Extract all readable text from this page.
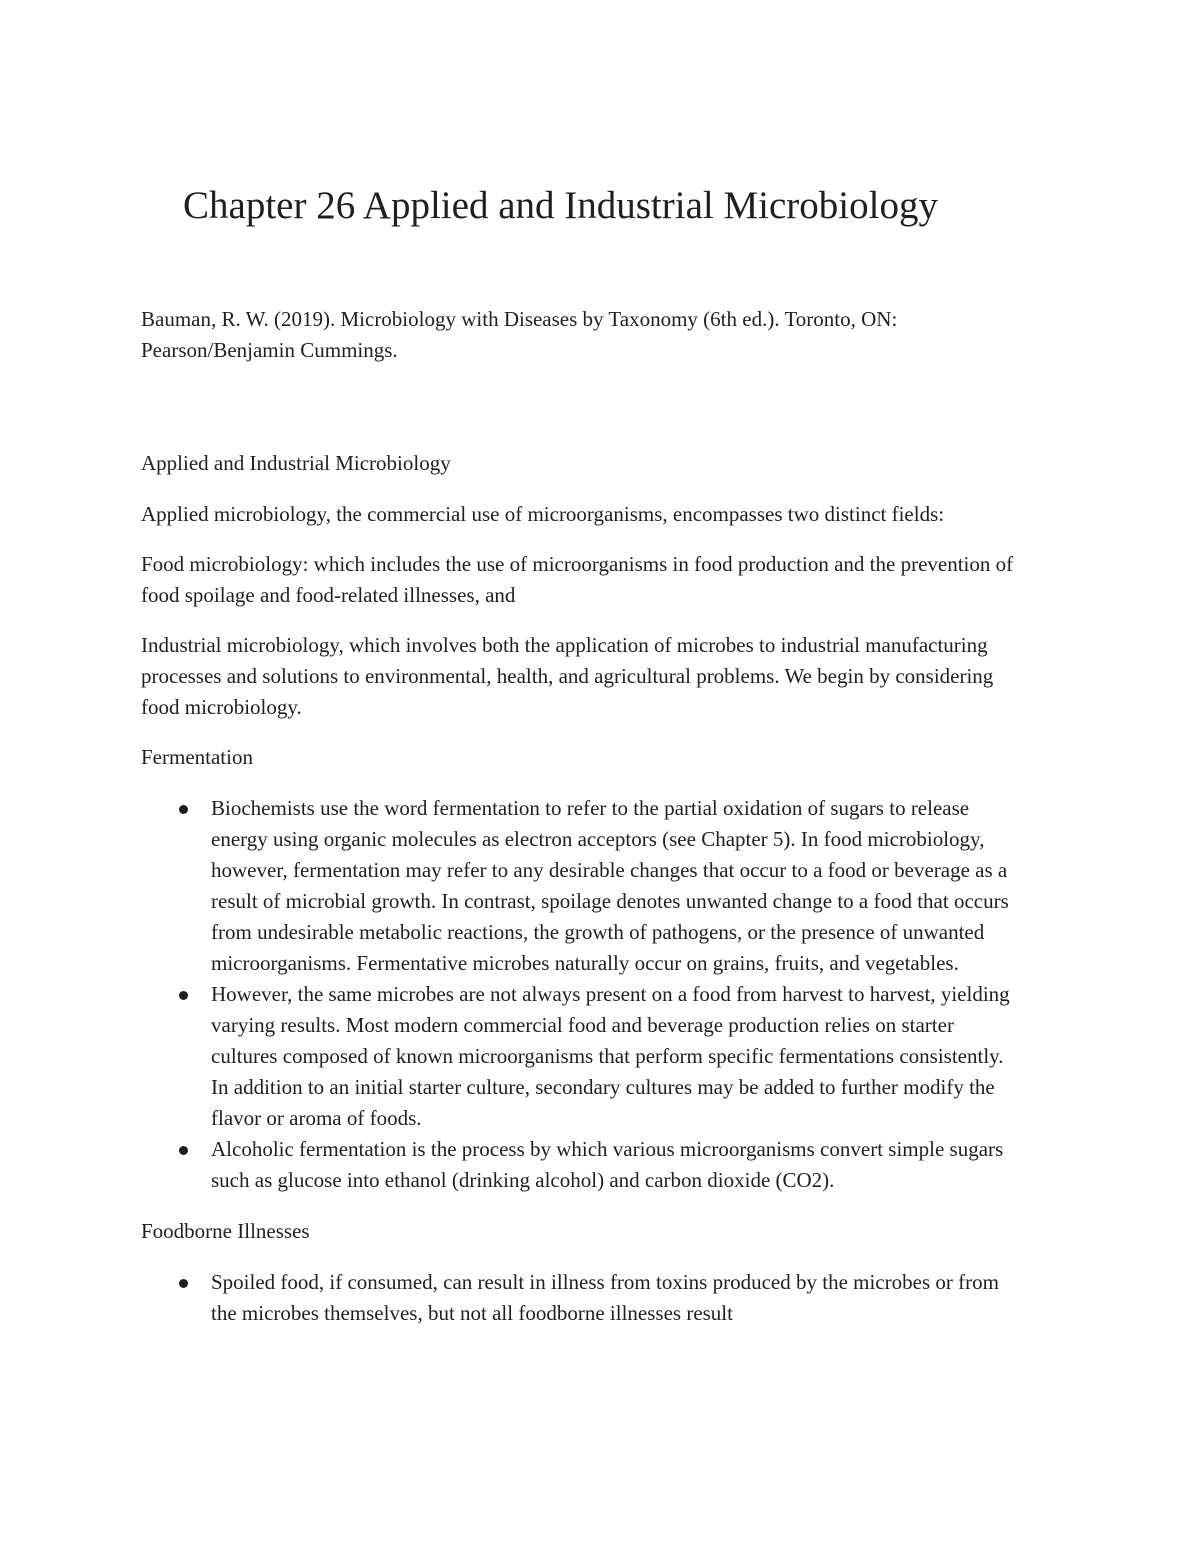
Chapter 26 Applied and Industrial Microbiology

Bauman, R. W. (2019). Microbiology with Diseases by Taxonomy (6th ed.). Toronto, ON: Pearson/Benjamin Cummings.

Applied and Industrial Microbiology

Applied microbiology, the commercial use of microorganisms, encompasses two distinct fields:

Food microbiology: which includes the use of microorganisms in food production and the prevention of food spoilage and food-related illnesses, and

Industrial microbiology, which involves both the application of microbes to industrial manufacturing processes and solutions to environmental, health, and agricultural problems. We begin by considering food microbiology.

Fermentation

Biochemists use the word fermentation to refer to the partial oxidation of sugars to release energy using organic molecules as electron acceptors (see Chapter 5). In food microbiology, however, fermentation may refer to any desirable changes that occur to a food or beverage as a result of microbial growth. In contrast, spoilage denotes unwanted change to a food that occurs from undesirable metabolic reactions, the growth of pathogens, or the presence of unwanted microorganisms. Fermentative microbes naturally occur on grains, fruits, and vegetables.
However, the same microbes are not always present on a food from harvest to harvest, yielding varying results. Most modern commercial food and beverage production relies on starter cultures composed of known microorganisms that perform specific fermentations consistently. In addition to an initial starter culture, secondary cultures may be added to further modify the flavor or aroma of foods.
Alcoholic fermentation is the process by which various microorganisms convert simple sugars such as glucose into ethanol (drinking alcohol) and carbon dioxide (CO2).

Foodborne Illnesses

Spoiled food, if consumed, can result in illness from toxins produced by the microbes or from the microbes themselves, but not all foodborne illnesses result
